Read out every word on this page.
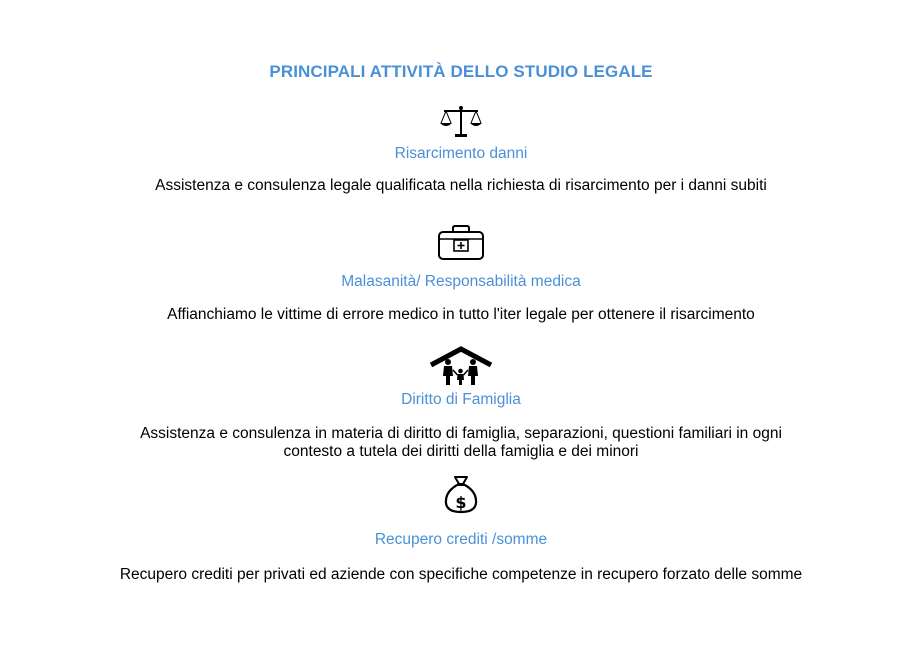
PRINCIPALI ATTIVITÀ DELLO STUDIO LEGALE
Risarcimento danni
Assistenza e consulenza legale qualificata nella richiesta di risarcimento per i danni subiti
Malasanità/ Responsabilità medica
Affianchiamo le vittime di errore medico in tutto l'iter legale per ottenere il risarcimento
Diritto di Famiglia
Assistenza e consulenza in materia di diritto di famiglia, separazioni, questioni familiari in ogni
contesto a tutela dei diritti della famiglia e dei minori
$
Recupero crediti /somme
Recupero crediti per privati ed aziende con specifiche competenze in recupero forzato delle somme
